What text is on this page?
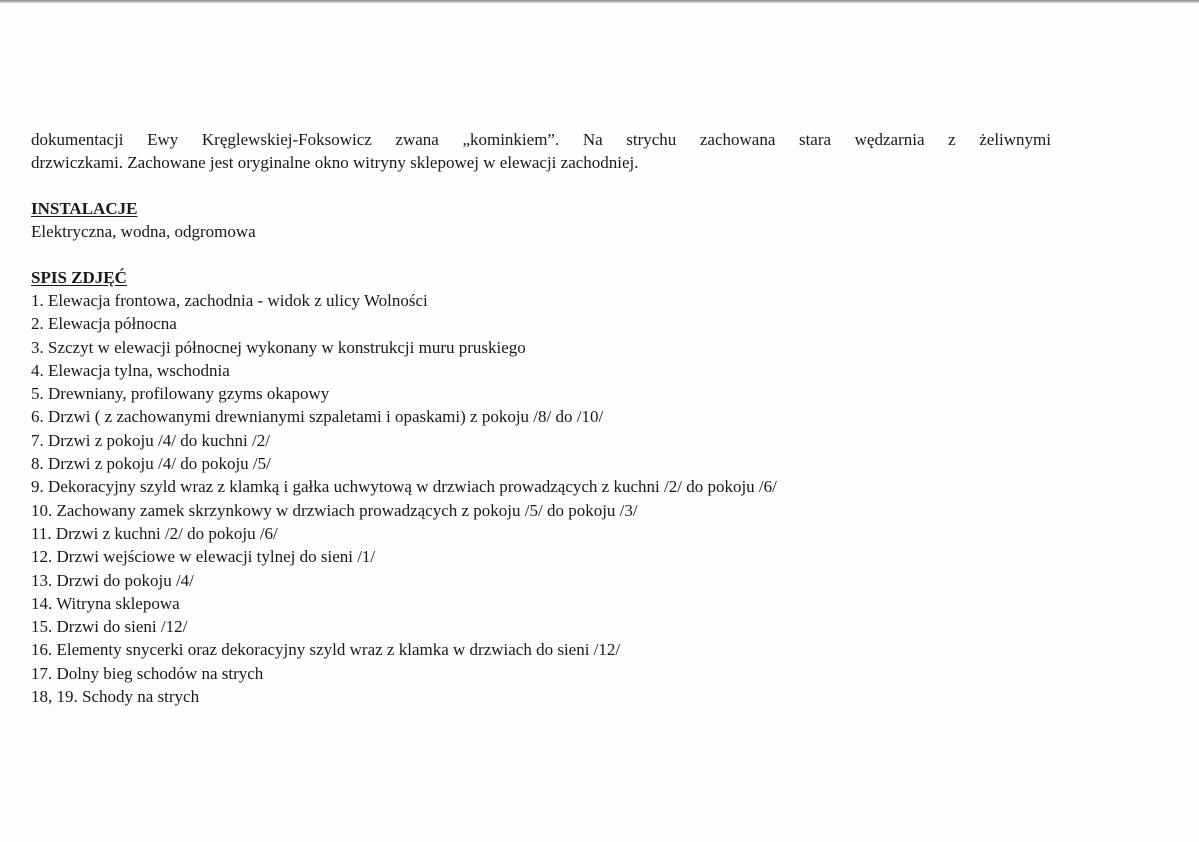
dokumentacji Ewy Kręglewskiej-Foksowicz zwana „kominkiem”. Na strychu zachowana stara wędzarnia z żeliwnymi
drzwiczkami. Zachowane jest oryginalne okno witryny sklepowej w elewacji zachodniej.

INSTALACJE

Elektryczna, wodna, odgromowa

SPIS ZDJĘĆ

1. Elewacja frontowa, zachodnia - widok z ulicy Wolności
2. Elewacja północna
3. Szczyt w elewacji północnej wykonany w konstrukcji muru pruskiego
4. Elewacja tylna, wschodnia
5. Drewniany, profilowany gzyms okapowy
6. Drzwi ( z zachowanymi drewnianymi szpaletami i opaskami) z pokoju /8/ do /10/
7. Drzwi z pokoju /4/ do kuchni /2/
8. Drzwi z pokoju /4/ do pokoju /5/
9. Dekoracyjny szyld wraz z klamką i gałka uchwytową w drzwiach prowadzących z kuchni /2/ do pokoju /6/
10. Zachowany zamek skrzynkowy w drzwiach prowadzących z pokoju /5/ do pokoju /3/
11. Drzwi z kuchni /2/ do pokoju /6/
12. Drzwi wejściowe w elewacji tylnej do sieni /1/
13. Drzwi do pokoju /4/
14. Witryna sklepowa
15. Drzwi do sieni /12/
16. Elementy snycerki oraz dekoracyjny szyld wraz z klamka w drzwiach do sieni /12/
17. Dolny bieg schodów na strych
18, 19. Schody na strych
